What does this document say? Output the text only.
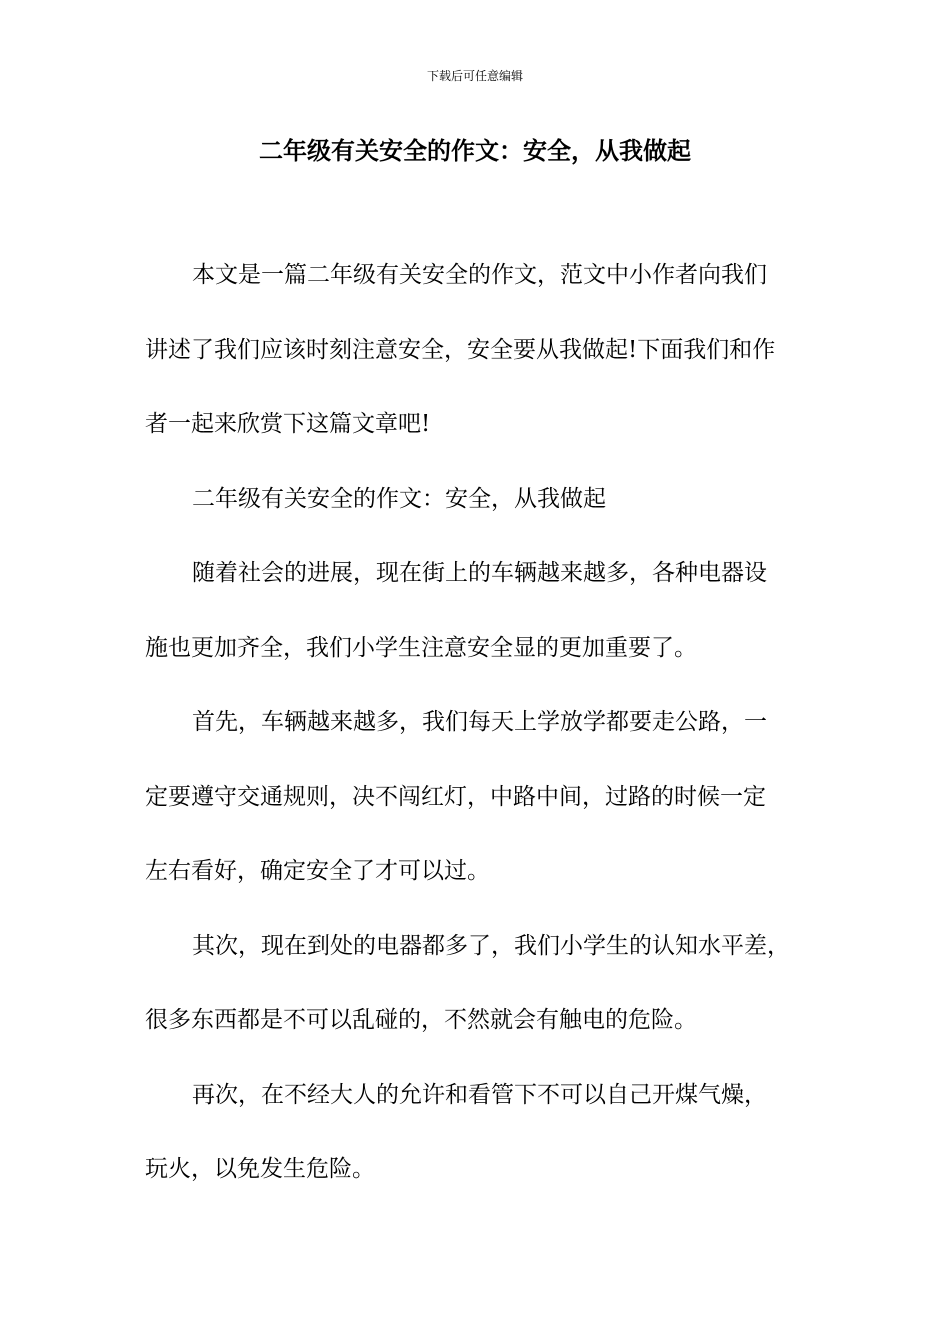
下载后可任意编辑
二年级有关安全的作文：安全，从我做起
本文是一篇二年级有关安全的作文，范文中小作者向我们
讲述了我们应该时刻注意安全，安全要从我做起!下面我们和作
者一起来欣赏下这篇文章吧!
二年级有关安全的作文：安全，从我做起
随着社会的进展，现在街上的车辆越来越多，各种电器设
施也更加齐全，我们小学生注意安全显的更加重要了。
首先，车辆越来越多，我们每天上学放学都要走公路，一
定要遵守交通规则，决不闯红灯，中路中间，过路的时候一定
左右看好，确定安全了才可以过。
其次，现在到处的电器都多了，我们小学生的认知水平差，
很多东西都是不可以乱碰的，不然就会有触电的危险。
再次，在不经大人的允许和看管下不可以自己开煤气燥，
玩火，以免发生危险。
